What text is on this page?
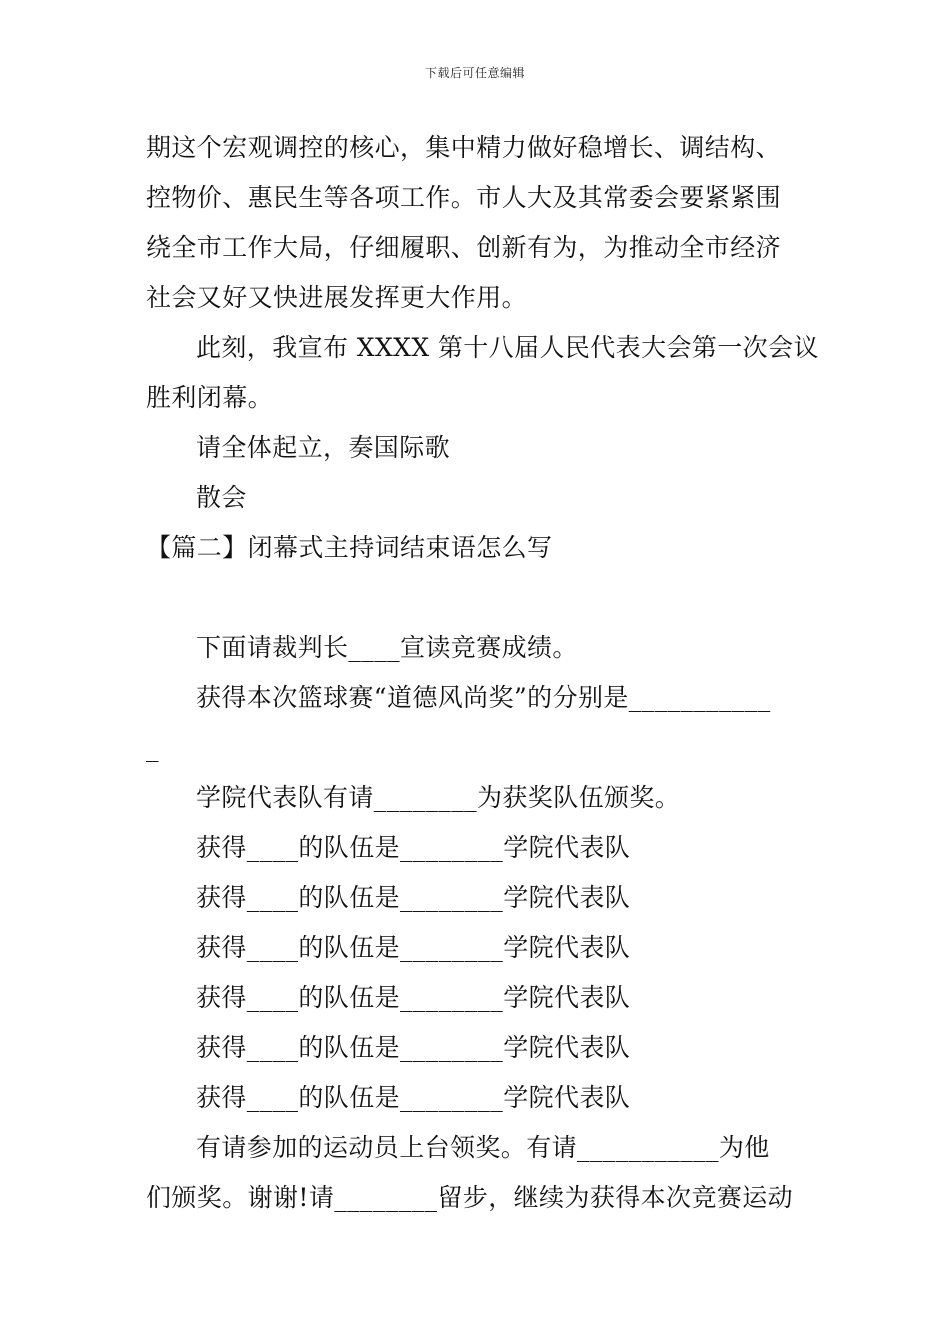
下载后可任意编辑
期这个宏观调控的核心，集中精力做好稳增长、调结构、
控物价、惠民生等各项工作。市人大及其常委会要紧紧围
绕全市工作大局，仔细履职、创新有为，为推动全市经济
社会又好又快进展发挥更大作用。
此刻，我宣布 XXXX 第十八届人民代表大会第一次会议
胜利闭幕。
请全体起立，奏国际歌
散会
【篇二】闭幕式主持词结束语怎么写
下面请裁判长____宣读竞赛成绩。
获得本次篮球赛“道德风尚奖”的分别是___________
_
学院代表队有请________为获奖队伍颁奖。
获得____的队伍是________学院代表队
获得____的队伍是________学院代表队
获得____的队伍是________学院代表队
获得____的队伍是________学院代表队
获得____的队伍是________学院代表队
获得____的队伍是________学院代表队
有请参加的运动员上台领奖。有请___________为他
们颁奖。谢谢!请________留步，继续为获得本次竞赛运动
